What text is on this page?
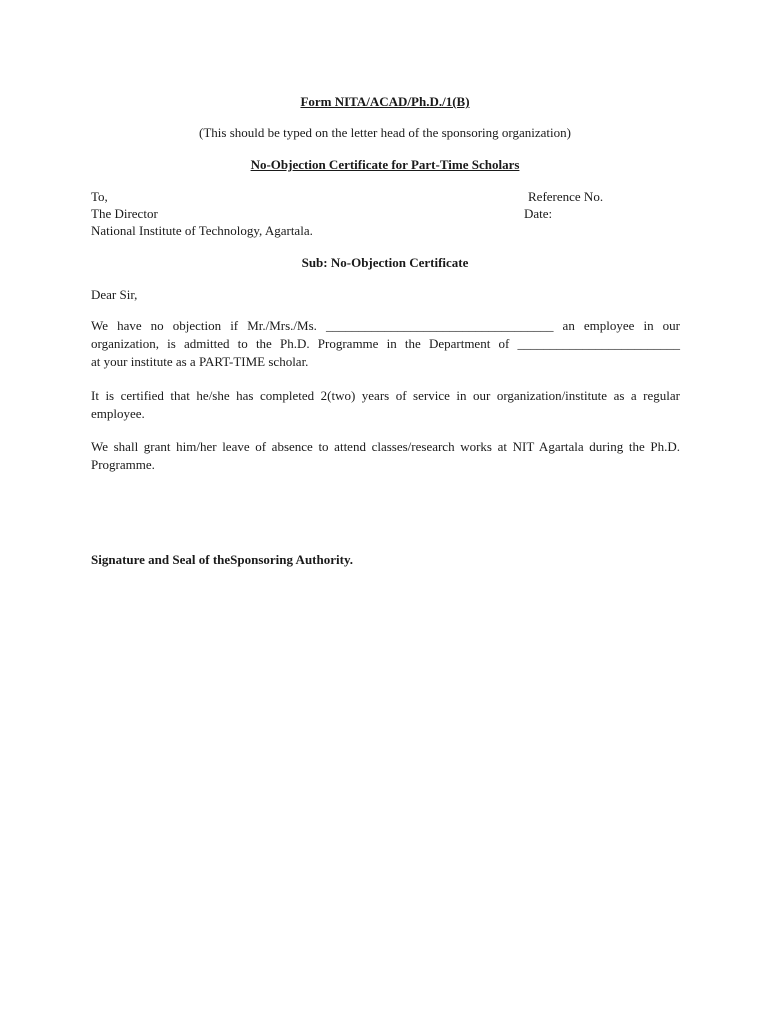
Form NITA/ACAD/Ph.D./1(B)
(This should be typed on the letter head of the sponsoring organization)
No-Objection Certificate for Part-Time Scholars
To,
The Director
National Institute of Technology, Agartala.
Reference No.
Date:
Sub: No-Objection Certificate
Dear Sir,
We have no objection if Mr./Mrs./Ms. ___________________________________ an employee in our
organization, is admitted to the Ph.D. Programme in the Department of _________________________
at your institute as a PART-TIME scholar.
It is certified that he/she has completed 2(two) years of service in our organization/institute as a regular
employee.
We shall grant him/her leave of absence to attend classes/research works at NIT Agartala during the Ph.D.
Programme.
Signature and Seal of theSponsoring Authority.
